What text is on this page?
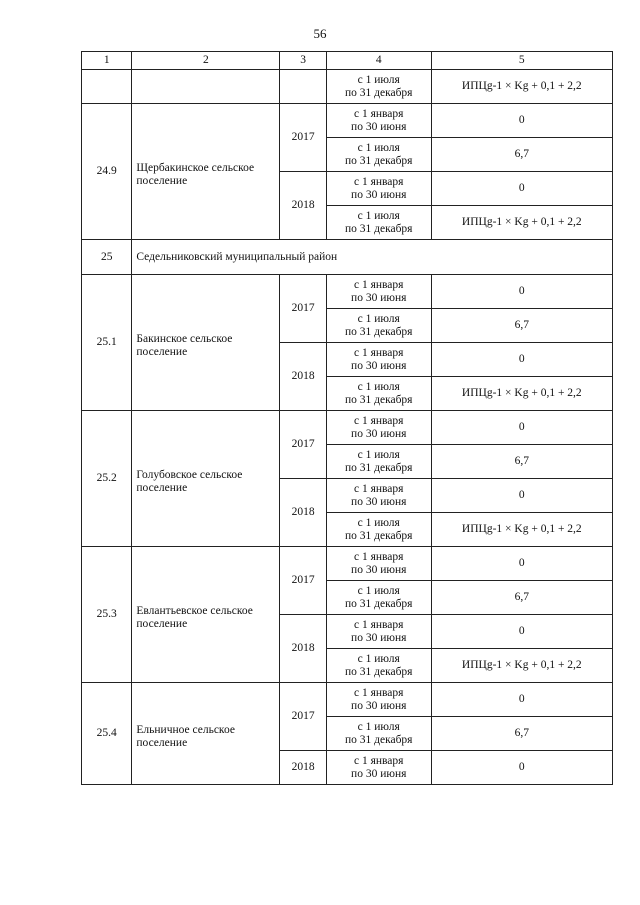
56
1	2	3	4	5
			с 1 июля
по 31 декабря	ИПЦg-1 × Kg + 0,1 + 2,2
24.9	Щербакинское сельское поселение	2017	с 1 января
по 30 июня	0
			с 1 июля
по 31 декабря	6,7
		2018	с 1 января
по 30 июня	0
			с 1 июля
по 31 декабря	ИПЦg-1 × Kg + 0,1 + 2,2
25	Седельниковский муниципальный район			
25.1	Бакинское сельское поселение	2017	с 1 января
по 30 июня	0
			с 1 июля
по 31 декабря	6,7
		2018	с 1 января
по 30 июня	0
			с 1 июля
по 31 декабря	ИПЦg-1 × Kg + 0,1 + 2,2
25.2	Голубовское сельское поселение	2017	с 1 января
по 30 июня	0
			с 1 июля
по 31 декабря	6,7
		2018	с 1 января
по 30 июня	0
			с 1 июля
по 31 декабря	ИПЦg-1 × Kg + 0,1 + 2,2
25.3	Евлантьевское сельское поселение	2017	с 1 января
по 30 июня	0
			с 1 июля
по 31 декабря	6,7
		2018	с 1 января
по 30 июня	0
			с 1 июля
по 31 декабря	ИПЦg-1 × Kg + 0,1 + 2,2
25.4	Ельничное сельское поселение	2017	с 1 января
по 30 июня	0
			с 1 июля
по 31 декабря	6,7
		2018	с 1 января
по 30 июня	0
